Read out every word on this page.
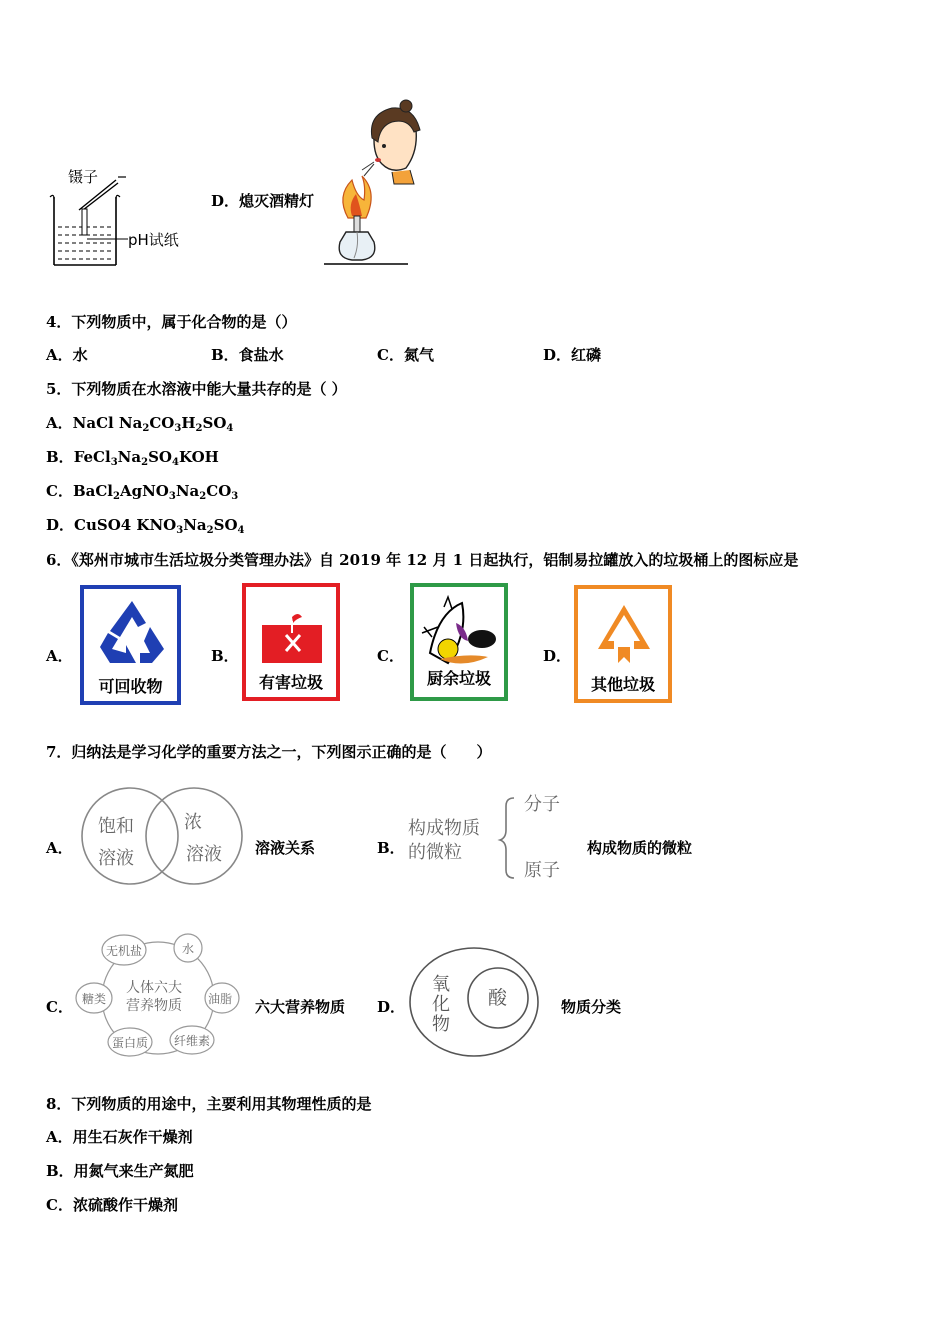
镊子
pH试纸
D．熄灭酒精灯
4．下列物质中，属于化合物的是（）
A．水	B．食盐水	C．氮气	D．红磷
5．下列物质在水溶液中能大量共存的是（ ）
A．NaCl $Na_2CO_3H_2SO_4$
B．$FeCl_3Na_2SO_4KOH$
C．$BaCl_2AgNO_3Na_2CO_3$
D．CuSO4 $KNO_3Na_2SO_4$
6．《郑州市城市生活垃圾分类管理办法》自 2019 年 12 月 1 日起执行，铝制易拉罐放入的垃圾桶上的图标应是
A．
可回收物
B．
有害垃圾
C．
厨余垃圾
D．
其他垃圾
7．归纳法是学习化学的重要方法之一，下列图示正确的是（　　）
A．
饱和
溶液
浓
溶液 溶液关系	B．
构成物质
的微粒
分子
原子
构成物质的微粒
C．
人体六大
营养物质
无机盐	水
油脂
纤维素
蛋白质
糖类	六大营养物质 D．
氧
化
物
酸	物质分类
8．下列物质的用途中，主要利用其物理性质的是
A．用生石灰作干燥剂
B．用氮气来生产氮肥
C．浓硫酸作干燥剂
